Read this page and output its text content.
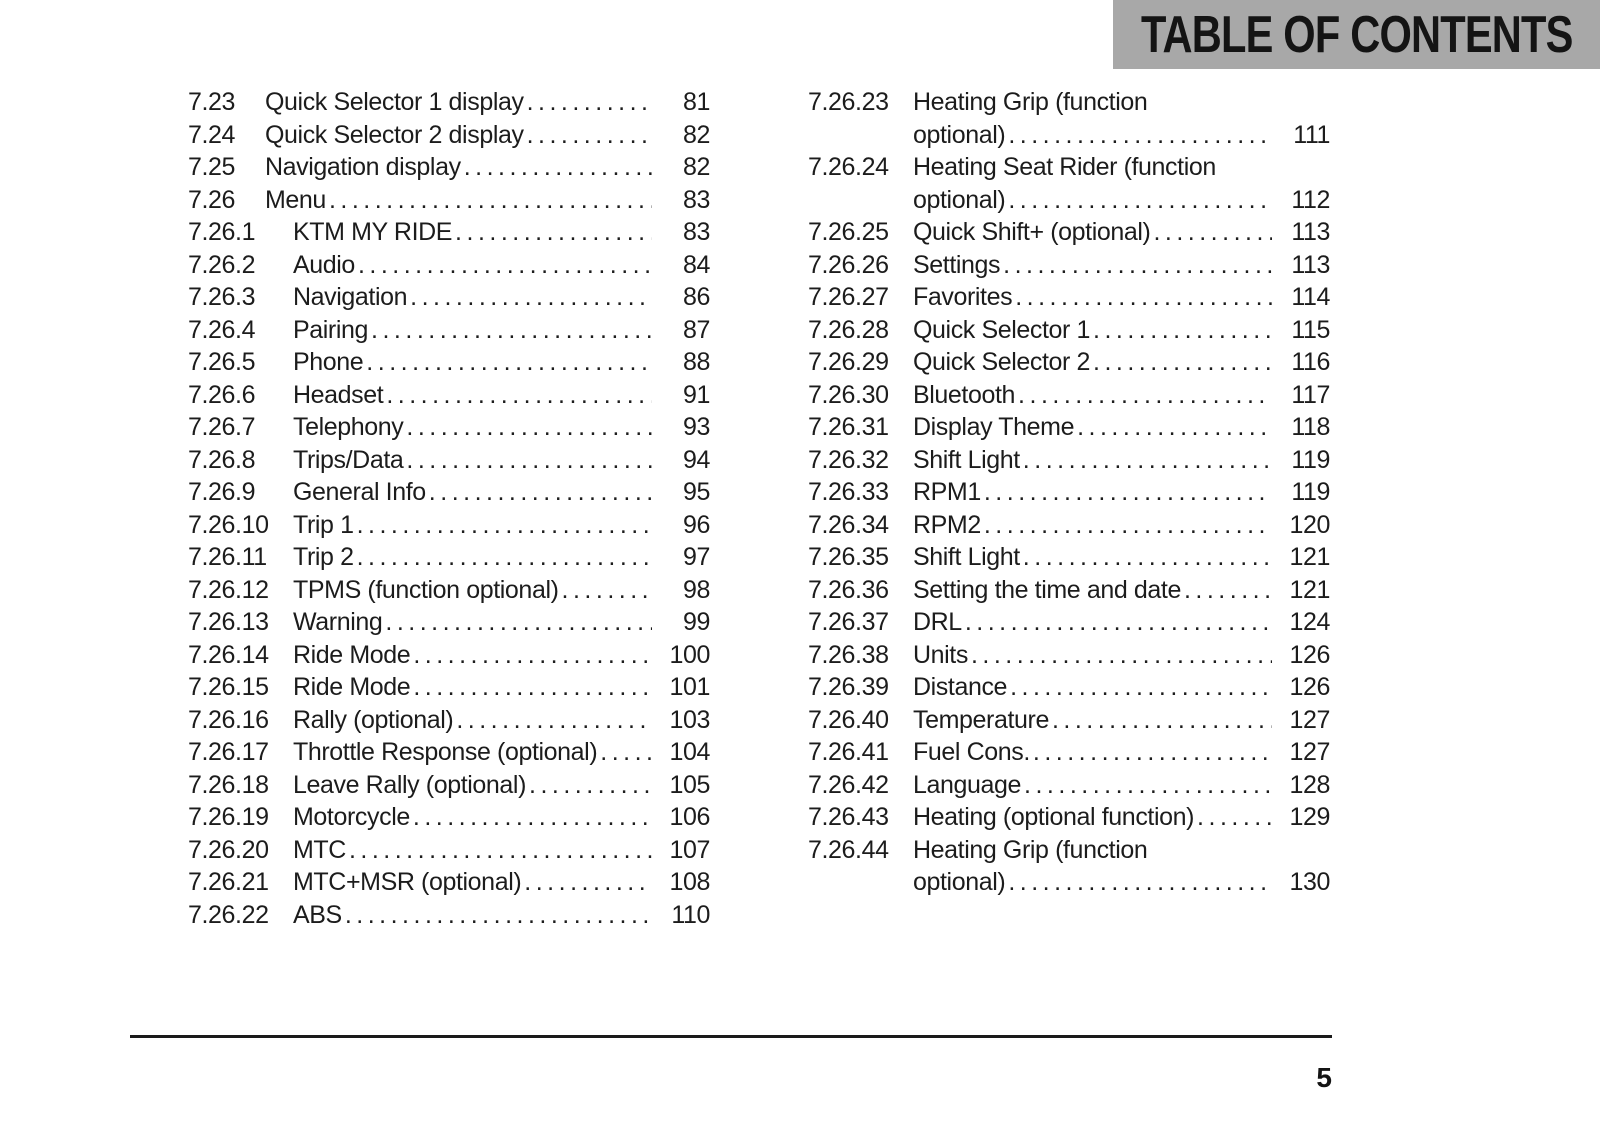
TABLE OF CONTENTS
7.23	Quick Selector 1 display .....	81
7.24	Quick Selector 2 display .....	82
7.25	Navigation display .....	82
7.26	Menu .....	83
7.26.1	KTM MY RIDE .....	83
7.26.2	Audio .....	84
7.26.3	Navigation .....	86
7.26.4	Pairing .....	87
7.26.5	Phone .....	88
7.26.6	Headset .....	91
7.26.7	Telephony .....	93
7.26.8	Trips/Data .....	94
7.26.9	General Info .....	95
7.26.10 Trip 1 .....	96
7.26.11	Trip 2 .....	97
7.26.12 TPMS (function optional) .....	98
7.26.13 Warning .....	99
7.26.14 Ride Mode .....	100
7.26.15 Ride Mode .....	101
7.26.16 Rally (optional) .....	103
7.26.17 Throttle Response (optional) .....	104
7.26.18 Leave Rally (optional) .....	105
7.26.19 Motorcycle .....	106
7.26.20 MTC .....	107
7.26.21 MTC+MSR (optional) .....	108
7.26.22 ABS .....	110
7.26.23 Heating Grip (function
optional) .....	111
7.26.24 Heating Seat Rider (function
optional) .....	112
7.26.25 Quick Shift+ (optional) .....	113
7.26.26 Settings .....	113
7.26.27 Favorites .....	114
7.26.28 Quick Selector 1 .....	115
7.26.29 Quick Selector 2 .....	116
7.26.30 Bluetooth .....	117
7.26.31 Display Theme .....	118
7.26.32 Shift Light .....	119
7.26.33 RPM1 .....	119
7.26.34 RPM2 .....	120
7.26.35 Shift Light .....	121
7.26.36 Setting the time and date .....	121
7.26.37 DRL .....	124
7.26.38 Units .....	126
7.26.39 Distance .....	126
7.26.40 Temperature .....	127
7.26.41 Fuel Cons. .....	127
7.26.42 Language .....	128
7.26.43 Heating (optional function) .....	129
7.26.44 Heating Grip (function
optional) .....	130
5
